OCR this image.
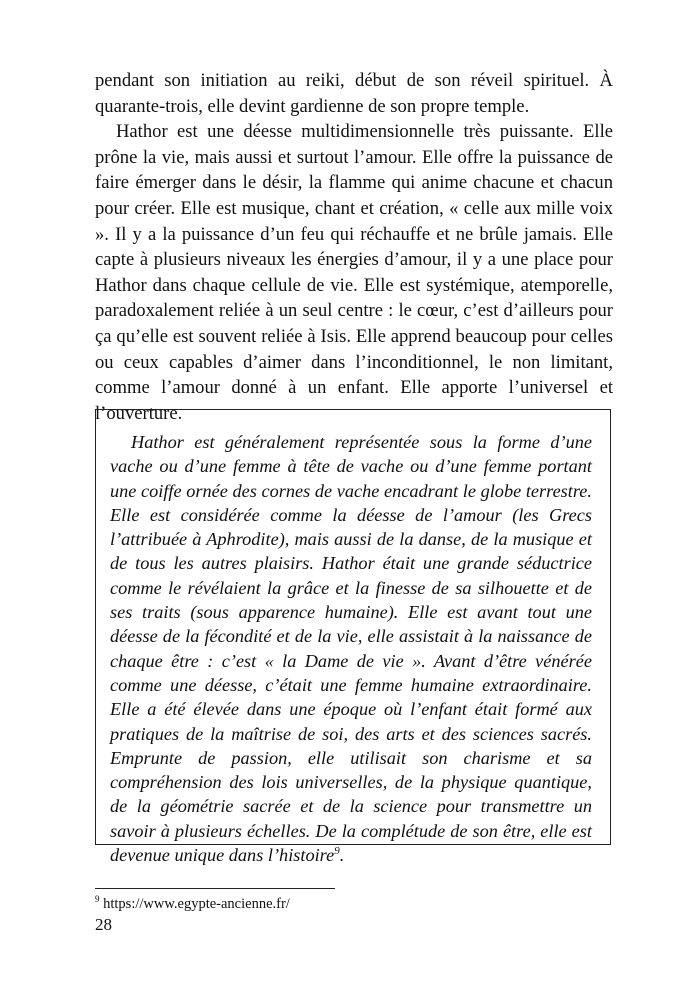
pendant son initiation au reiki, début de son réveil spirituel. À quarante-trois, elle devint gardienne de son propre temple.

Hathor est une déesse multidimensionnelle très puissante. Elle prône la vie, mais aussi et surtout l’amour. Elle offre la puissance de faire émerger dans le désir, la flamme qui anime chacune et chacun pour créer. Elle est musique, chant et création, « celle aux mille voix ». Il y a la puissance d’un feu qui réchauffe et ne brûle jamais. Elle capte à plusieurs niveaux les énergies d’amour, il y a une place pour Hathor dans chaque cellule de vie. Elle est systémique, atemporelle, paradoxalement reliée à un seul centre : le cœur, c’est d’ailleurs pour ça qu’elle est souvent reliée à Isis. Elle apprend beaucoup pour celles ou ceux capables d’aimer dans l’inconditionnel, le non limitant, comme l’amour donné à un enfant. Elle apporte l’universel et l’ouverture.

Hathor est généralement représentée sous la forme d’une vache ou d’une femme à tête de vache ou d’une femme portant une coiffe ornée des cornes de vache encadrant le globe terrestre. Elle est considérée comme la déesse de l’amour (les Grecs l’attribuée à Aphrodite), mais aussi de la danse, de la musique et de tous les autres plaisirs. Hathor était une grande séductrice comme le révélaient la grâce et la finesse de sa silhouette et de ses traits (sous apparence humaine). Elle est avant tout une déesse de la fécondité et de la vie, elle assistait à la naissance de chaque être : c’est « la Dame de vie ». Avant d’être vénérée comme une déesse, c’était une femme humaine extraordinaire. Elle a été élevée dans une époque où l’enfant était formé aux pratiques de la maîtrise de soi, des arts et des sciences sacrés. Emprunte de passion, elle utilisait son charisme et sa compréhension des lois universelles, de la physique quantique, de la géométrie sacrée et de la science pour transmettre un savoir à plusieurs échelles. De la complétude de son être, elle est devenue unique dans l’histoire$^9$.

$^9$ https://www.egypte-ancienne.fr/
28
